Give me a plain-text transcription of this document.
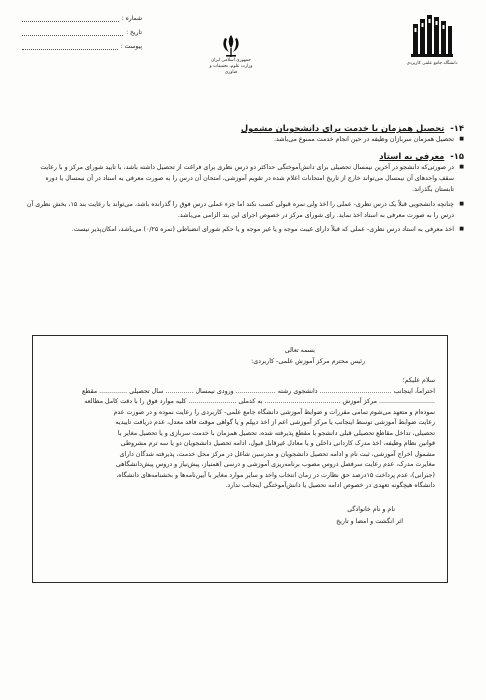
شماره :
تاریخ :
پیوست :
جمهوری اسلامی ایران
وزارت علوم، تحقیقات و فناوری
دانشگاه جامع علمی کاربردی
۱۴- تحصیل همزمان با خدمت برای دانشجویان مشمول
■ تحصیل همزمان سربازان وظیفه در حین انجام خدمت ممنوع می‌باشد.
۱۵- معرفی به استاد
■ در صورتی‌که دانشجو در آخرین نیمسال تحصیلی برای دانش‌آموختگی حداکثر دو درس نظری برای فراغت از تحصیل داشته باشد، با تایید شورای مرکز و با رعایت سقف واحدهای آن نیمسال می‌تواند خارج از تاریخ امتحانات اعلام شده در تقویم آموزشی، امتحان آن درس را به صورت معرفی به استاد در آن نیمسال یا دوره تابستان بگذراند.
■ چنانچه دانشجویی قبلاً یک درس نظری- عملی را اخذ ولی نمره قبولی کسب نکند اما جزء عملی درس فوق را گذرانده باشد، می‌تواند با رعایت بند ۱۵، بخش نظری آن درس را به صورت معرفی به استاد اخذ نماید. رای شورای مرکز در خصوص اجرای این بند الزامی می‌باشد.
■ اخذ معرفی به استاد درس نظری- عملی که قبلاً دارای غیبت موجه و یا غیر موجه و یا حکم شورای انضباطی (نمره ۰/۲۵) می‌باشد، امکان‌پذیر نیست.
بسمه تعالی
رئیس محترم مرکز آموزش علمی- کاربردی:
سلام علیکم؛
احتراماً، اینجانب .................................... دانشجوی رشته .................... ورودی نیمسال .............. سال تحصیلی .............. مقطع
............................ مرکز آموزش ...................................... به کدملی ........................ کلیه موارد فوق را با دقت کامل مطالعه
نموده‌ام و متعهد می‌شوم تمامی مقررات و ضوابط آموزشی دانشگاه جامع علمی- کاربردی را رعایت نموده و در صورت عدم
رعایت ضوابط آموزشی توسط اینجانب یا مرکز آموزشی اعم از اخذ دیپلم و یا گواهی موقت فاقد معدل، عدم دریافت تاییدیه
تحصیلی، تداخل مقاطع تحصیلی قبلی دانشجو با مقطع پذیرفته شده، تحصیل همزمان با خدمت سربازی و یا تحصیل مغایر با
قوانین نظام وظیفه، اخذ مدرک کاردانی داخلی و یا معادل غیرقابل قبول، ادامه تحصیل دانشجویان دو یا سه ترم مشروطی
مشمول اخراج آموزشی، ثبت نام و ادامه تحصیل دانشجویان و مدرسین شاغل در مرکز محل خدمت، پذیرفته شدگان دارای
مغایرت مدرک، عدم رعایت سرفصل دروس مصوب برنامه‌ریزی آموزشی و درسی (همنیاز، پیش‌نیاز و دروس پیش‌دانشگاهی
(جبرانی)، عدم پرداخت ۱۵درصد حق نظارت در زمان انتخاب واحد و سایر موارد مغایر با آیین‌نامه‌ها و بخشنامه‌های دانشگاه،
دانشگاه هیچگونه تعهدی در خصوص ادامه تحصیل یا دانش‌آموختگی اینجانب ندارد.
نام و نام خانوادگی
اثر انگشت و امضا و تاریخ
